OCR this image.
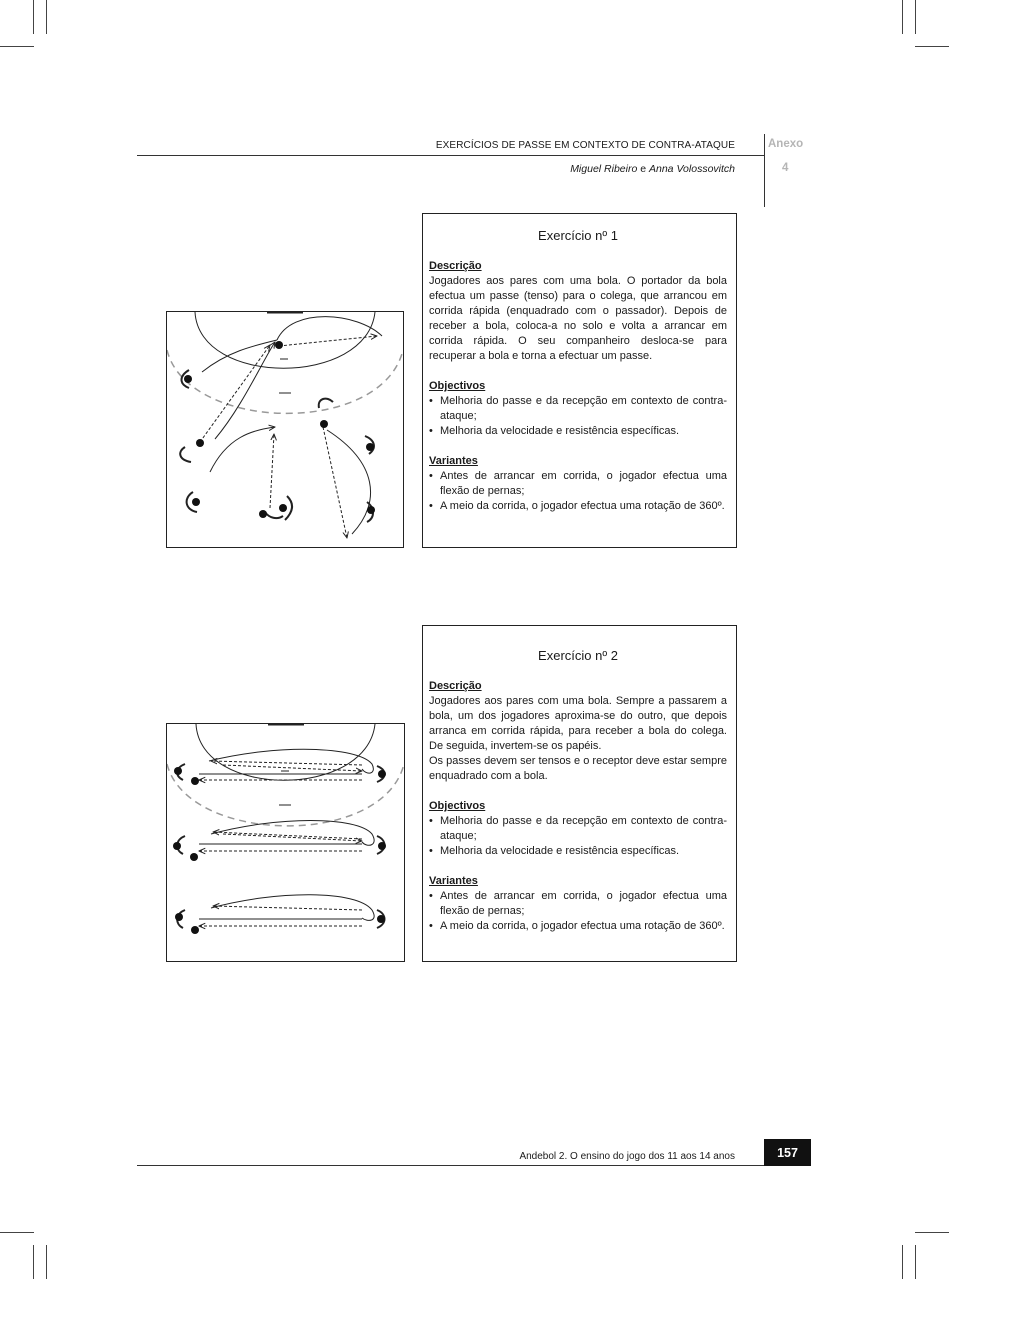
EXERCÍCIOS DE PASSE EM CONTEXTO DE CONTRA-ATAQUE
Miguel Ribeiro e Anna Volossovitch
Anexo
4
Exercício nº 1
Descrição

Jogadores aos pares com uma bola. O portador da bola efectua um passe (tenso) para o colega, que arrancou em corrida rápida (enquadrado com o passador). Depois de receber a bola, coloca-a no solo e volta a arrancar em corrida rápida. O seu companheiro desloca-se para recuperar a bola e torna a efectuar um passe.

Objectivos
• Melhoria do passe e da recepção em contexto de contra-ataque;
• Melhoria da velocidade e resistência específicas.
Variantes
• Antes de arrancar em corrida, o jogador efectua uma flexão de pernas;
• A meio da corrida, o jogador efectua uma rotação de 360º.
Exercício nº 2
Descrição

Jogadores aos pares com uma bola. Sempre a passarem a bola, um dos jogadores aproxima-se do outro, que depois arranca em corrida rápida, para receber a bola do colega. De seguida, invertem-se os papéis.

Os passes devem ser tensos e o receptor deve estar sempre enquadrado com a bola.

Objectivos
• Melhoria do passe e da recepção em contexto de contra-ataque;
• Melhoria da velocidade e resistência específicas.
Variantes
• Antes de arrancar em corrida, o jogador efectua uma flexão de pernas;
• A meio da corrida, o jogador efectua uma rotação de 360º.
Andebol 2. O ensino do jogo dos 11 aos 14 anos	157
